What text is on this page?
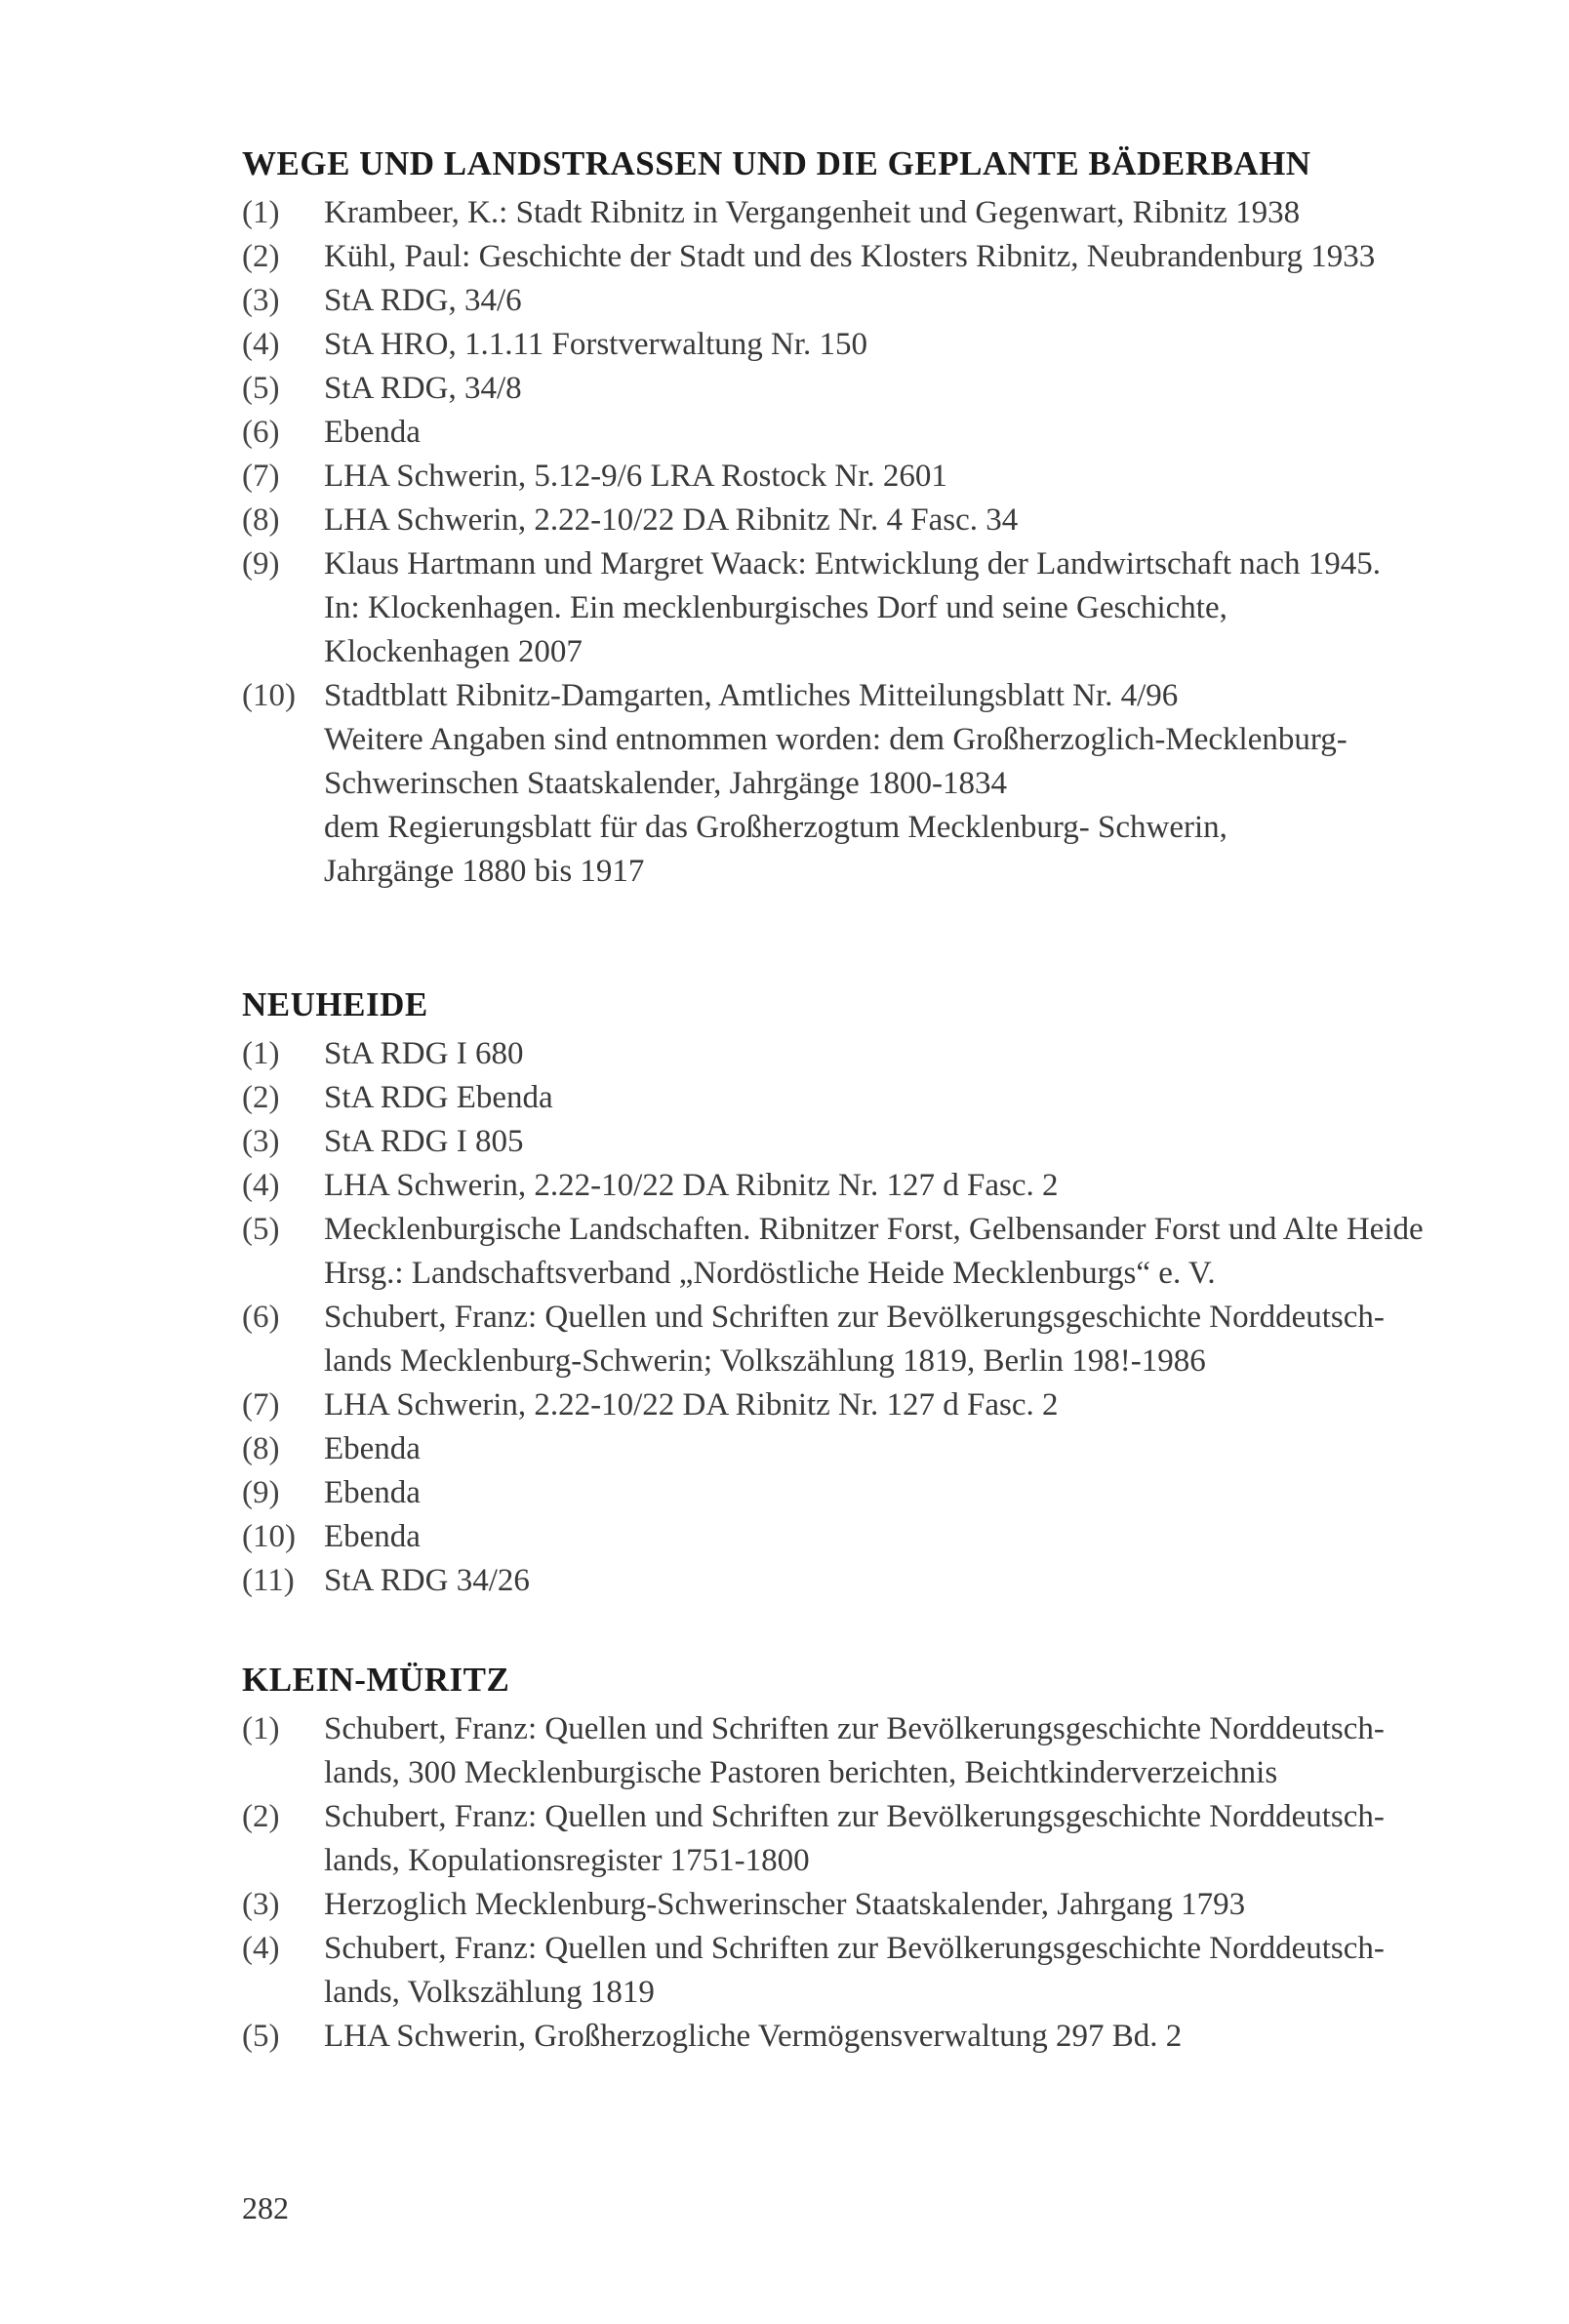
WEGE UND LANDSTRASSEN UND DIE GEPLANTE BÄDERBAHN
(1) Krambeer, K.: Stadt Ribnitz in Vergangenheit und Gegenwart, Ribnitz 1938
(2) Kühl, Paul: Geschichte der Stadt und des Klosters Ribnitz, Neubrandenburg 1933
(3) StA RDG, 34/6
(4) StA HRO, 1.1.11 Forstverwaltung Nr. 150
(5) StA RDG, 34/8
(6) Ebenda
(7) LHA Schwerin, 5.12-9/6 LRA Rostock Nr. 2601
(8) LHA Schwerin, 2.22-10/22 DA Ribnitz Nr. 4 Fasc. 34
(9) Klaus Hartmann und Margret Waack: Entwicklung der Landwirtschaft nach 1945.
In: Klockenhagen. Ein mecklenburgisches Dorf und seine Geschichte,
Klockenhagen 2007
(10) Stadtblatt Ribnitz-Damgarten, Amtliches Mitteilungsblatt Nr. 4/96
Weitere Angaben sind entnommen worden: dem Großherzoglich-Mecklenburg-
Schwerinschen Staatskalender, Jahrgänge 1800-1834
dem Regierungsblatt für das Großherzogtum Mecklenburg- Schwerin,
Jahrgänge 1880 bis 1917
NEUHEIDE
(1) StA RDG I 680
(2) StA RDG Ebenda
(3) StA RDG I 805
(4) LHA Schwerin, 2.22-10/22 DA Ribnitz Nr. 127 d Fasc. 2
(5) Mecklenburgische Landschaften. Ribnitzer Forst, Gelbensander Forst und Alte Heide
Hrsg.: Landschaftsverband „Nordöstliche Heide Mecklenburgs“ e. V.
(6) Schubert, Franz: Quellen und Schriften zur Bevölkerungsgeschichte Norddeutsch-
lands Mecklenburg-Schwerin; Volkszählung 1819, Berlin 198!-1986
(7) LHA Schwerin, 2.22-10/22 DA Ribnitz Nr. 127 d Fasc. 2
(8) Ebenda
(9) Ebenda
(10) Ebenda
(11) StA RDG 34/26
KLEIN-MÜRITZ
(1) Schubert, Franz: Quellen und Schriften zur Bevölkerungsgeschichte Norddeutsch-
lands, 300 Mecklenburgische Pastoren berichten, Beichtkinderverzeichnis
(2) Schubert, Franz: Quellen und Schriften zur Bevölkerungsgeschichte Norddeutsch-
lands, Kopulationsregister 1751-1800
(3) Herzoglich Mecklenburg-Schwerinscher Staatskalender, Jahrgang 1793
(4) Schubert, Franz: Quellen und Schriften zur Bevölkerungsgeschichte Norddeutsch-
lands, Volkszählung 1819
(5) LHA Schwerin, Großherzogliche Vermögensverwaltung 297 Bd. 2
282
